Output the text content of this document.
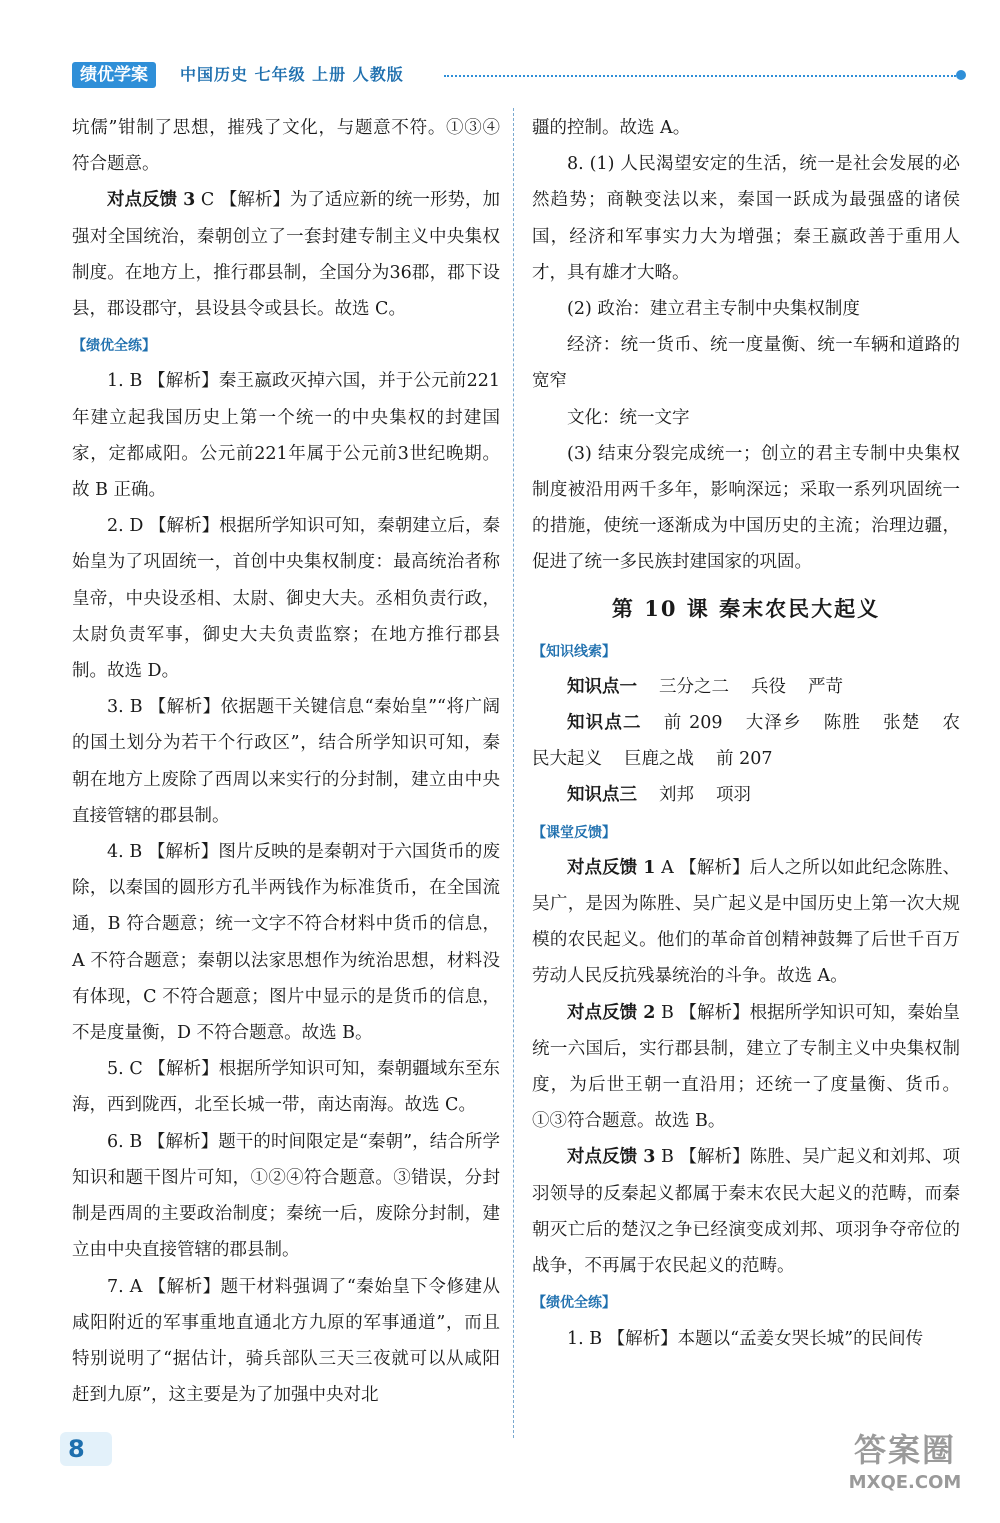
绩优学案	中国历史 七年级 上册 人教版

坑儒”钳制了思想，摧残了文化，与题意不符。①③④符合题意。

对点反馈 3 C 【解析】为了适应新的统一形势，加强对全国统治，秦朝创立了一套封建专制主义中央集权制度。在地方上，推行郡县制，全国分为36郡，郡下设县，郡设郡守，县设县令或县长。故选 C。

【绩优全练】

1. B 【解析】秦王嬴政灭掉六国，并于公元前221年建立起我国历史上第一个统一的中央集权的封建国家，定都咸阳。公元前221年属于公元前3世纪晚期。故 B 正确。

2. D 【解析】根据所学知识可知，秦朝建立后，秦始皇为了巩固统一，首创中央集权制度：最高统治者称皇帝，中央设丞相、太尉、御史大夫。丞相负责行政，太尉负责军事，御史大夫负责监察；在地方推行郡县制。故选 D。

3. B 【解析】依据题干关键信息“秦始皇”“将广阔的国土划分为若干个行政区”，结合所学知识可知，秦朝在地方上废除了西周以来实行的分封制，建立由中央直接管辖的郡县制。

4. B 【解析】图片反映的是秦朝对于六国货币的废除，以秦国的圆形方孔半两钱作为标准货币，在全国流通，B 符合题意；统一文字不符合材料中货币的信息，A 不符合题意；秦朝以法家思想作为统治思想，材料没有体现，C 不符合题意；图片中显示的是货币的信息，不是度量衡，D 不符合题意。故选 B。

5. C 【解析】根据所学知识可知，秦朝疆域东至东海，西到陇西，北至长城一带，南达南海。故选 C。

6. B 【解析】题干的时间限定是“秦朝”，结合所学知识和题干图片可知，①②④符合题意。③错误，分封制是西周的主要政治制度；秦统一后，废除分封制，建立由中央直接管辖的郡县制。

7. A 【解析】题干材料强调了“秦始皇下令修建从咸阳附近的军事重地直通北方九原的军事通道”，而且特别说明了“据估计，骑兵部队三天三夜就可以从咸阳赶到九原”，这主要是为了加强中央对北

疆的控制。故选 A。

8. (1) 人民渴望安定的生活，统一是社会发展的必然趋势；商鞅变法以来，秦国一跃成为最强盛的诸侯国，经济和军事实力大为增强；秦王嬴政善于重用人才，具有雄才大略。

(2) 政治：建立君主专制中央集权制度

经济：统一货币、统一度量衡、统一车辆和道路的宽窄

文化：统一文字

(3) 结束分裂完成统一；创立的君主专制中央集权制度被沿用两千多年，影响深远；采取一系列巩固统一的措施，使统一逐渐成为中国历史的主流；治理边疆，促进了统一多民族封建国家的巩固。

第 10 课 秦末农民大起义
【知识线索】

知识点一 三分之二 兵役 严苛

知识点二 前 209 大泽乡 陈胜 张楚 农民大起义 巨鹿之战 前 207

知识点三 刘邦 项羽

【课堂反馈】

对点反馈 1 A 【解析】后人之所以如此纪念陈胜、吴广，是因为陈胜、吴广起义是中国历史上第一次大规模的农民起义。他们的革命首创精神鼓舞了后世千百万劳动人民反抗残暴统治的斗争。故选 A。

对点反馈 2 B 【解析】根据所学知识可知，秦始皇统一六国后，实行郡县制，建立了专制主义中央集权制度，为后世王朝一直沿用；还统一了度量衡、货币。①③符合题意。故选 B。

对点反馈 3 B 【解析】陈胜、吴广起义和刘邦、项羽领导的反秦起义都属于秦末农民大起义的范畴，而秦朝灭亡后的楚汉之争已经演变成刘邦、项羽争夺帝位的战争，不再属于农民起义的范畴。

【绩优全练】

1. B 【解析】本题以“孟姜女哭长城”的民间传

8	答案圈
MXQE.COM
